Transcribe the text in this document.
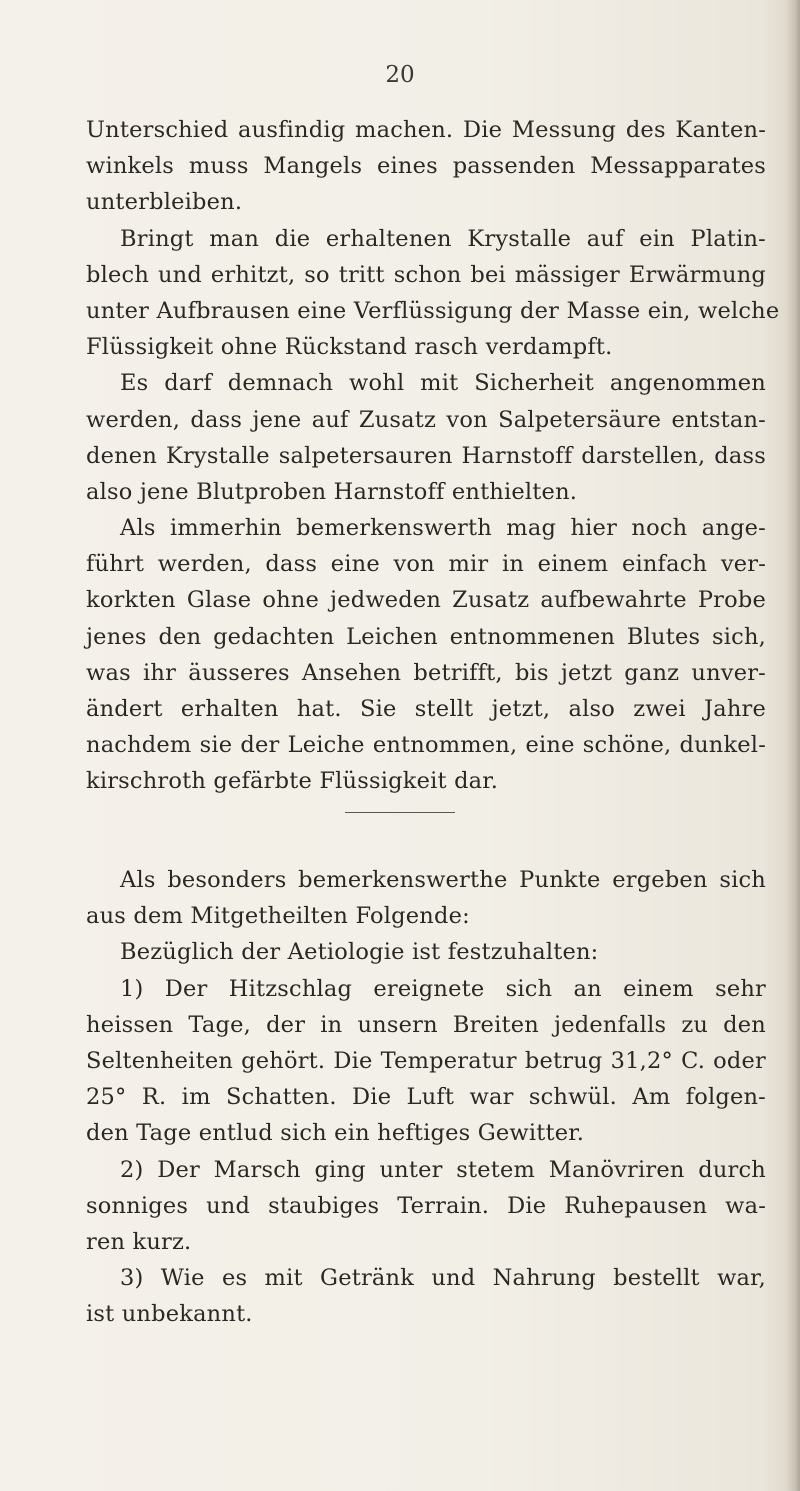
20
Unterschied ausfindig machen. Die Messung des Kanten-
winkels muss Mangels eines passenden Messapparates
unterbleiben.
Bringt man die erhaltenen Krystalle auf ein Platin-
blech und erhitzt, so tritt schon bei mässiger Erwärmung
unter Aufbrausen eine Verflüssigung der Masse ein, welche
Flüssigkeit ohne Rückstand rasch verdampft.
Es darf demnach wohl mit Sicherheit angenommen
werden, dass jene auf Zusatz von Salpetersäure entstan-
denen Krystalle salpetersauren Harnstoff darstellen, dass
also jene Blutproben Harnstoff enthielten.
Als immerhin bemerkenswerth mag hier noch ange-
führt werden, dass eine von mir in einem einfach ver-
korkten Glase ohne jedweden Zusatz aufbewahrte Probe
jenes den gedachten Leichen entnommenen Blutes sich,
was ihr äusseres Ansehen betrifft, bis jetzt ganz unver-
ändert erhalten hat. Sie stellt jetzt, also zwei Jahre
nachdem sie der Leiche entnommen, eine schöne, dunkel-
kirschroth gefärbte Flüssigkeit dar.
Als besonders bemerkenswerthe Punkte ergeben sich
aus dem Mitgetheilten Folgende:
Bezüglich der Aetiologie ist festzuhalten:
1) Der Hitzschlag ereignete sich an einem sehr
heissen Tage, der in unsern Breiten jedenfalls zu den
Seltenheiten gehört. Die Temperatur betrug 31,2° C. oder
25° R. im Schatten. Die Luft war schwül. Am folgen-
den Tage entlud sich ein heftiges Gewitter.
2) Der Marsch ging unter stetem Manövriren durch
sonniges und staubiges Terrain. Die Ruhepausen wa-
ren kurz.
3) Wie es mit Getränk und Nahrung bestellt war,
ist unbekannt.
